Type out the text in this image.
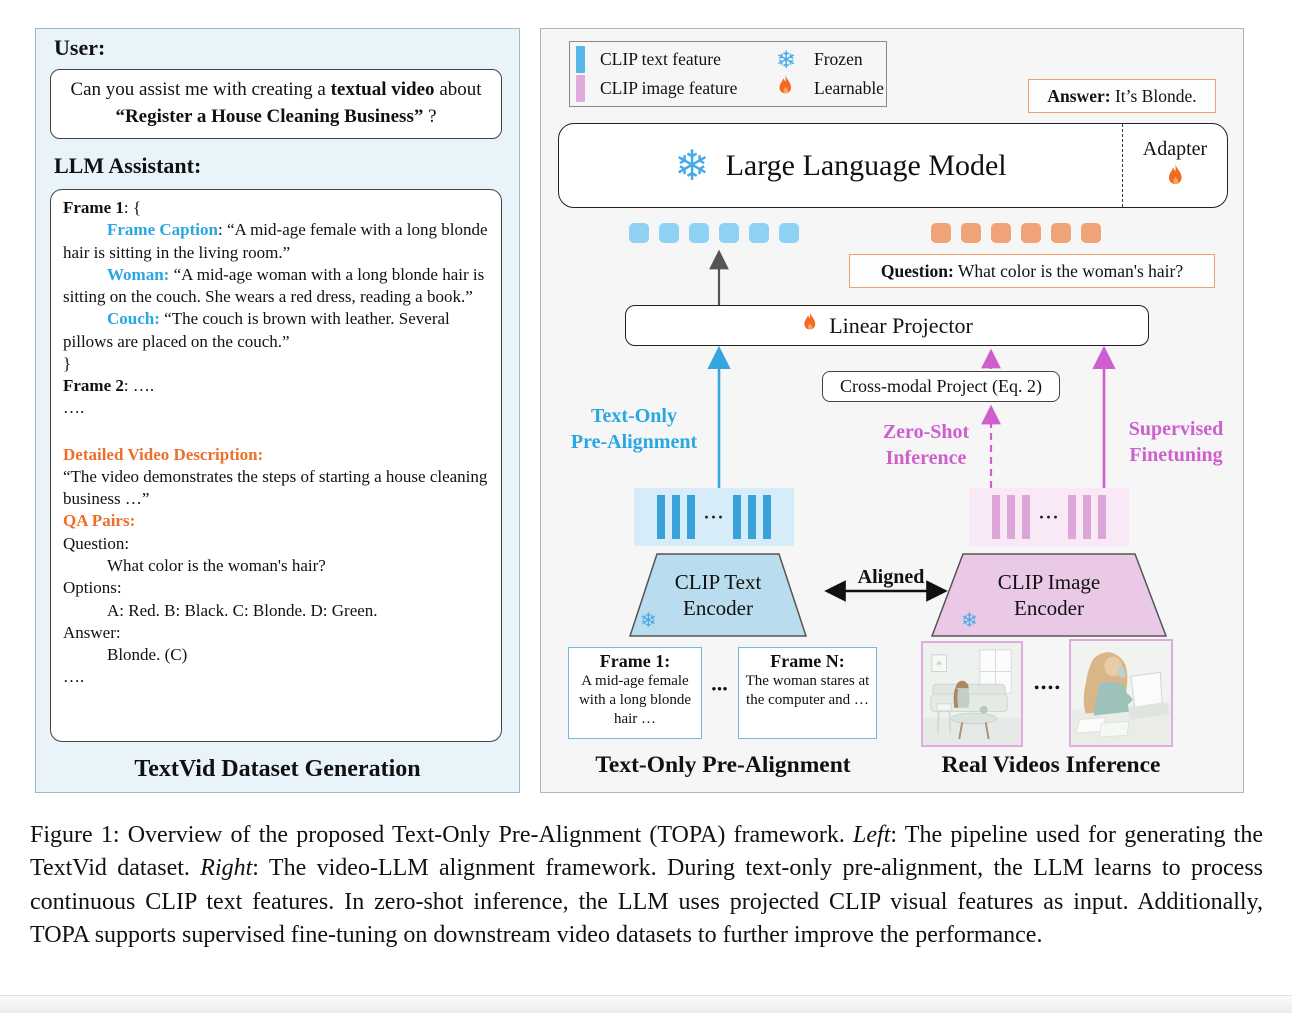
User:
Can you assist me with creating a textual video about “Register a House Cleaning Business” ?
LLM Assistant:

Frame 1: {

Frame Caption: “A mid-age female with a long blonde hair is sitting in the living room.”

Woman: “A mid-age woman with a long blonde hair is sitting on the couch. She wears a red dress, reading a book.”

Couch: “The couch is brown with leather. Several pillows are placed on the couch.”

}

Frame 2: ….

….

Detailed Video Description:

“The video demonstrates the steps of starting a house cleaning business …”

QA Pairs:

Question:

What color is the woman's hair?

Options:

A: Red. B: Black. C: Blonde. D: Green.

Answer:

Blonde. (C)

….

TextVid Dataset Generation
CLIP text feature	❄	Frozen
CLIP image feature	Learnable	Answer: It’s Blonde.
❄ Large Language Model	Adapter
Question: What color is the woman's hair?
Linear Projector
Cross-modal Project (Eq. 2)
Text-Only
Pre-Alignment	Zero-Shot
Inference
Supervised
Finetuning
···	···
CLIP Text
Encoder
❄
CLIP Image
Encoder
❄
Aligned
Frame 1:
A mid-age female with a long blonde hair …
•••
Frame N:
The woman stares at the computer and …
••••
Text-Only Pre-Alignment	Real Videos Inference
Figure 1: Overview of the proposed Text-Only Pre-Alignment (TOPA) framework. Left: The pipeline used for generating the TextVid dataset. Right: The video-LLM alignment framework. During text-only pre-alignment, the LLM learns to process continuous CLIP text features. In zero-shot inference, the LLM uses projected CLIP visual features as input. Additionally, TOPA supports supervised fine-tuning on downstream video datasets to further improve the performance.
